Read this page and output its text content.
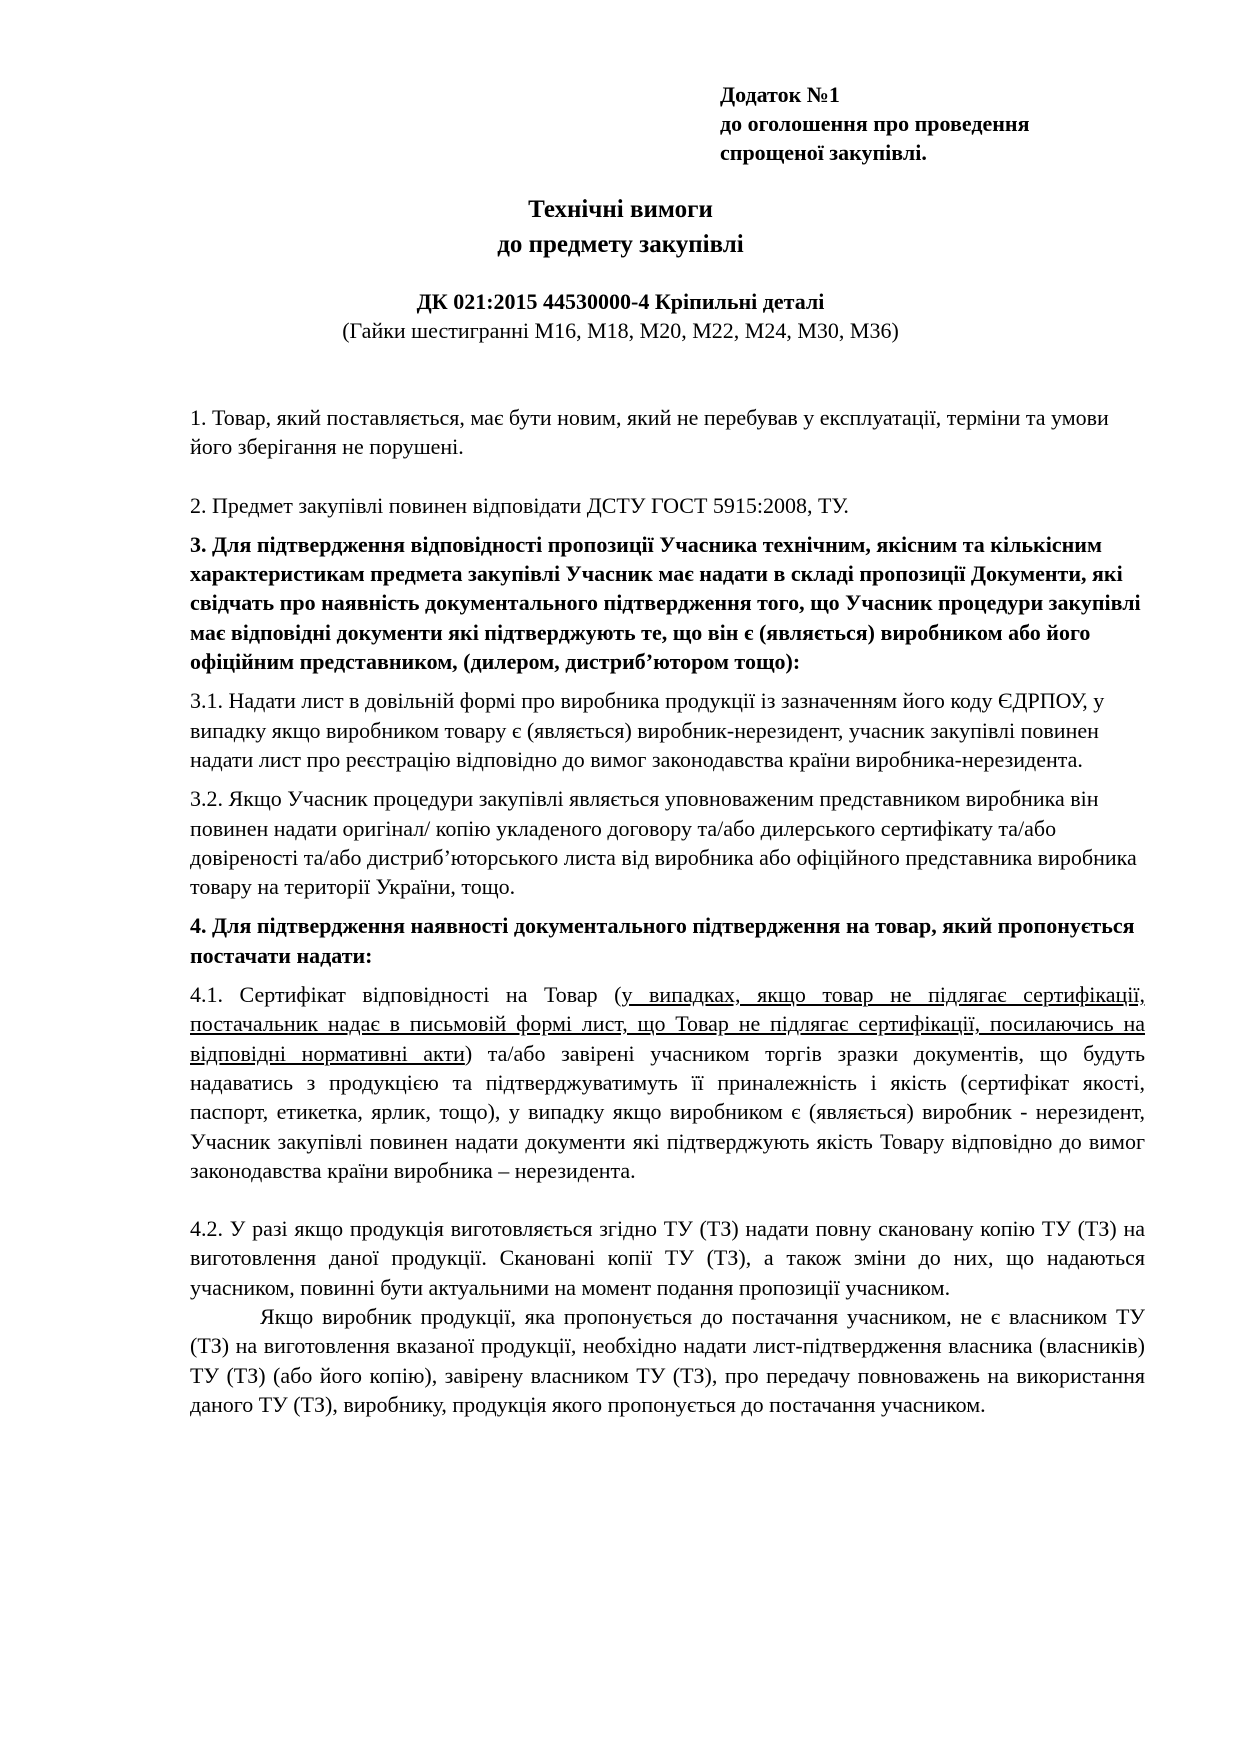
Додаток №1
до оголошення про проведення
спрощеної закупівлі.
Технічні вимоги
до предмету закупівлі
ДК 021:2015 44530000-4 Кріпильні деталі
(Гайки шестигранні М16, М18, М20, М22, М24, М30, М36)

1. Товар, який поставляється, має бути новим, який не перебував у експлуатації, терміни та умови його зберігання не порушені.

2. Предмет закупівлі повинен відповідати ДСТУ ГОСТ 5915:2008, ТУ.

3. Для підтвердження відповідності пропозиції Учасника технічним, якісним та кількісним характеристикам предмета закупівлі Учасник має надати в складі пропозиції Документи, які свідчать про наявність документального підтвердження того, що Учасник процедури закупівлі має відповідні документи які підтверджують те, що він є (являється) виробником або його офіційним представником, (дилером, дистриб’ютором тощо):

3.1. Надати лист в довільній формі про виробника продукції із зазначенням його коду ЄДРПОУ, у випадку якщо виробником товару є (являється) виробник-нерезидент, учасник закупівлі повинен надати лист про реєстрацію відповідно до вимог законодавства країни виробника-нерезидента.

3.2. Якщо Учасник процедури закупівлі являється уповноваженим представником виробника він повинен надати оригінал/ копію укладеного договору та/або дилерського сертифікату та/або довіреності та/або дистриб’юторського листа від виробника або офіційного представника виробника товару на території України, тощо.

4. Для підтвердження наявності документального підтвердження на товар, який пропонується постачати надати:

4.1. Сертифікат відповідності на Товар (у випадках, якщо товар не підлягає сертифікації, постачальник надає в письмовій формі лист, що Товар не підлягає сертифікації, посилаючись на відповідні нормативні акти) та/або завірені учасником торгів зразки документів, що будуть надаватись з продукцією та підтверджуватимуть її приналежність і якість (сертифікат якості, паспорт, етикетка, ярлик, тощо), у випадку якщо виробником є (являється) виробник - нерезидент, Учасник закупівлі повинен надати документи які підтверджують якість Товару відповідно до вимог законодавства країни виробника – нерезидента.

4.2. У разі якщо продукція виготовляється згідно ТУ (ТЗ) надати повну скановану копію ТУ (ТЗ) на виготовлення даної продукції. Скановані копії ТУ (ТЗ), а також зміни до них, що надаються учасником, повинні бути актуальними на момент подання пропозиції учасником.

Якщо виробник продукції, яка пропонується до постачання учасником, не є власником ТУ (ТЗ) на виготовлення вказаної продукції, необхідно надати лист-підтвердження власника (власників) ТУ (ТЗ) (або його копію), завірену власником ТУ (ТЗ), про передачу повноважень на використання даного ТУ (ТЗ), виробнику, продукція якого пропонується до постачання учасником.
